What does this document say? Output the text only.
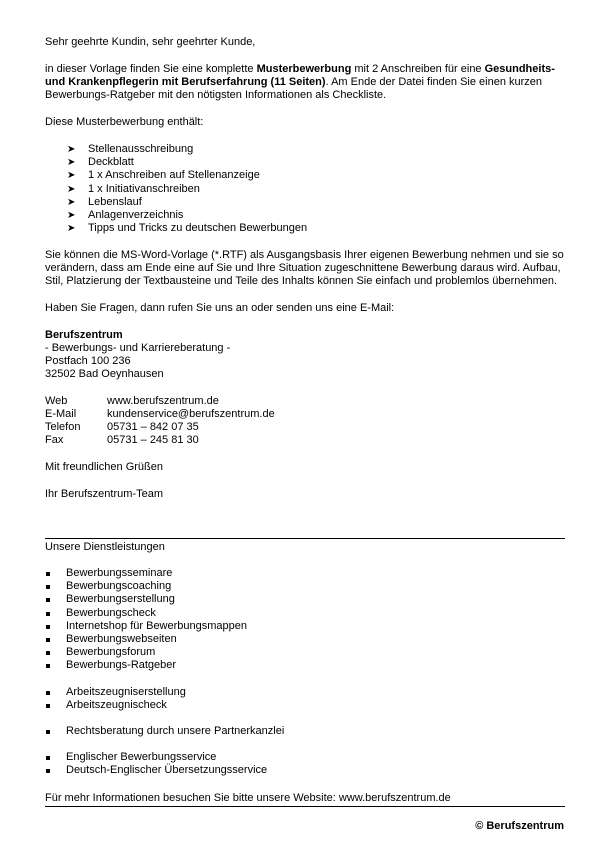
Sehr geehrte Kundin, sehr geehrter Kunde,

in dieser Vorlage finden Sie eine komplette Musterbewerbung mit 2 Anschreiben für eine Gesundheits- und Krankenpflegerin mit Berufserfahrung (11 Seiten). Am Ende der Datei finden Sie einen kurzen Bewerbungs-Ratgeber mit den nötigsten Informationen als Checkliste.

Diese Musterbewerbung enthält:

➤ Stellenausschreibung
➤ Deckblatt
➤ 1 x Anschreiben auf Stellenanzeige
➤ 1 x Initiativanschreiben
➤ Lebenslauf
➤ Anlagenverzeichnis
➤ Tipps und Tricks zu deutschen Bewerbungen

Sie können die MS-Word-Vorlage (*.RTF) als Ausgangsbasis Ihrer eigenen Bewerbung nehmen und sie so verändern, dass am Ende eine auf Sie und Ihre Situation zugeschnittene Bewerbung daraus wird. Aufbau, Stil, Platzierung der Textbausteine und Teile des Inhalts können Sie einfach und problemlos übernehmen.

Haben Sie Fragen, dann rufen Sie uns an oder senden uns eine E-Mail:

Berufszentrum

- Bewerbungs- und Karriereberatung -

Postfach 100 236

32502 Bad Oeynhausen

Web	www.berufszentrum.de
E-Mail	kundenservice@berufszentrum.de
Telefon	05731 – 842 07 35
Fax	05731 – 245 81 30

Mit freundlichen Grüßen

Ihr Berufszentrum-Team

Unsere Dienstleistungen

Bewerbungsseminare
Bewerbungscoaching
Bewerbungserstellung
Bewerbungscheck
Internetshop für Bewerbungsmappen
Bewerbungswebseiten
Bewerbungsforum
Bewerbungs-Ratgeber
Arbeitszeugniserstellung
Arbeitszeugnischeck
Rechtsberatung durch unsere Partnerkanzlei
Englischer Bewerbungsservice
Deutsch-Englischer Übersetzungsservice
Für mehr Informationen besuchen Sie bitte unsere Website: www.berufszentrum.de
© Berufszentrum
